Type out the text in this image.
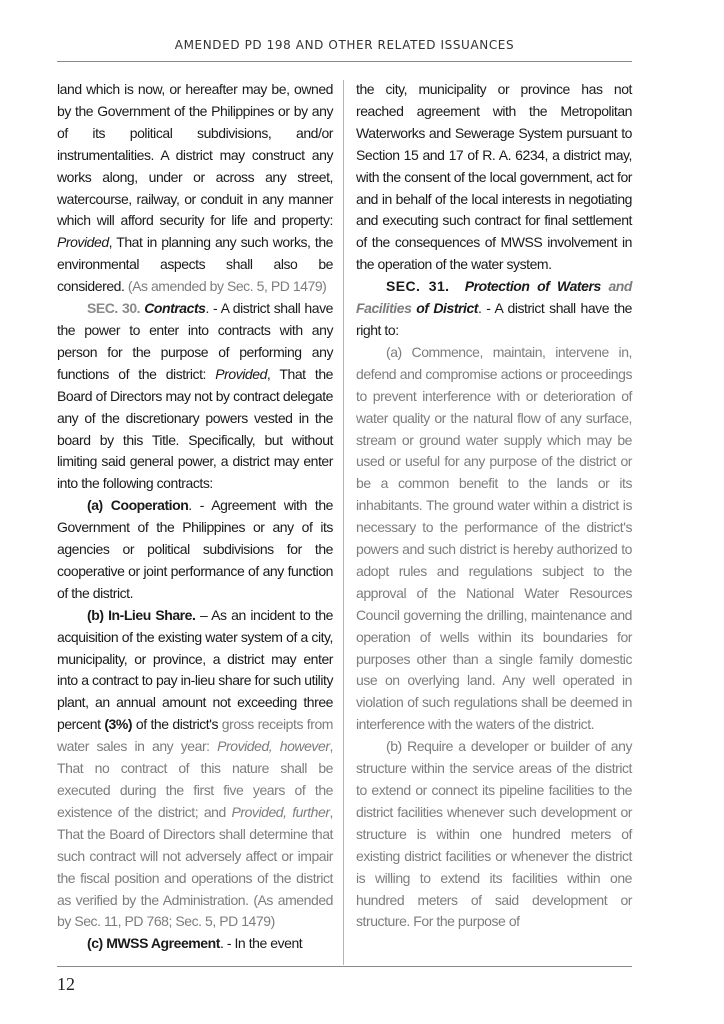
AMENDED PD 198 AND OTHER RELATED ISSUANCES

land which is now, or hereafter may be, owned by the Government of the Philippines or by any of its political subdivisions, and/or instrumentalities. A district may construct any works along, under or across any street, watercourse, railway, or conduit in any manner which will afford security for life and property: Provided, That in planning any such works, the environmental aspects shall also be considered. (As amended by Sec. 5, PD 1479)

SEC. 30. Contracts. - A district shall have the power to enter into contracts with any person for the purpose of performing any functions of the district: Provided, That the Board of Directors may not by contract delegate any of the discretionary powers vested in the board by this Title. Specifically, but without limiting said general power, a district may enter into the following contracts:

(a) Cooperation. - Agreement with the Government of the Philippines or any of its agencies or political subdivisions for the cooperative or joint performance of any function of the district.

(b) In-Lieu Share. – As an incident to the acquisition of the existing water system of a city, municipality, or province, a district may enter into a contract to pay in-lieu share for such utility plant, an annual amount not exceeding three percent (3%) of the district's gross receipts from water sales in any year: Provided, however, That no contract of this nature shall be executed during the first five years of the existence of the district; and Provided, further, That the Board of Directors shall determine that such contract will not adversely affect or impair the fiscal position and operations of the district as verified by the Administration. (As amended by Sec. 11, PD 768; Sec. 5, PD 1479)

(c) MWSS Agreement. - In the event

the city, municipality or province has not reached agreement with the Metropolitan Waterworks and Sewerage System pursuant to Section 15 and 17 of R. A. 6234, a district may, with the consent of the local government, act for and in behalf of the local interests in negotiating and executing such contract for final settlement of the consequences of MWSS involvement in the operation of the water system.

SEC. 31. Protection of Waters and Facilities of District. - A district shall have the right to:

(a) Commence, maintain, intervene in, defend and compromise actions or proceedings to prevent interference with or deterioration of water quality or the natural flow of any surface, stream or ground water supply which may be used or useful for any purpose of the district or be a common benefit to the lands or its inhabitants. The ground water within a district is necessary to the performance of the district's powers and such district is hereby authorized to adopt rules and regulations subject to the approval of the National Water Resources Council governing the drilling, maintenance and operation of wells within its boundaries for purposes other than a single family domestic use on overlying land. Any well operated in violation of such regulations shall be deemed in interference with the waters of the district.

(b) Require a developer or builder of any structure within the service areas of the district to extend or connect its pipeline facilities to the district facilities whenever such development or structure is within one hundred meters of existing district facilities or whenever the district is willing to extend its facilities within one hundred meters of said development or structure. For the purpose of

12
